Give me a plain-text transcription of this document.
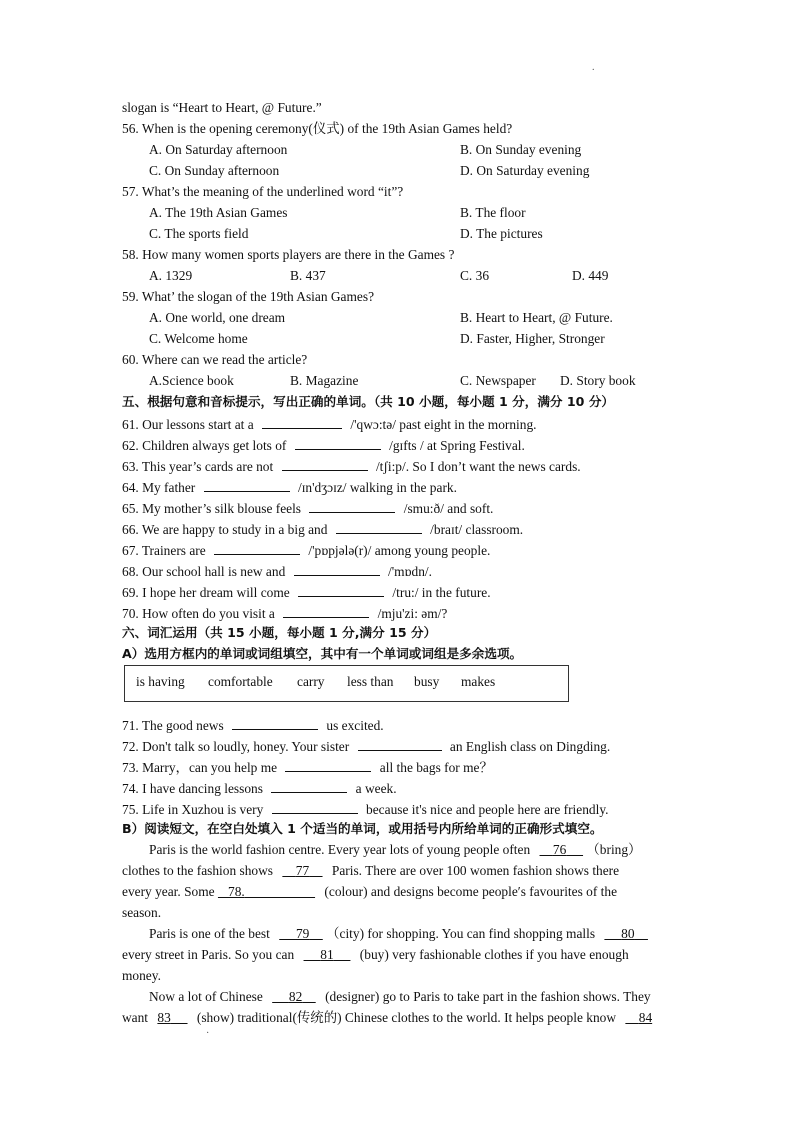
.
slogan is “Heart to Heart, @ Future.”
56. When is the opening ceremony(仪式) of the 19th Asian Games held?
A. On Saturday afternoon	B. On Sunday evening
C. On Sunday afternoon	D. On Saturday evening
57. What’s the meaning of the underlined word “it”?
A. The 19th Asian Games	B. The floor
C. The sports field	D. The pictures
58. How many women sports players are there in the Games ?
A. 1329	B. 437	C. 36	D. 449
59. What’ the slogan of the 19th Asian Games?
A. One world, one dream	B. Heart to Heart, @ Future.
C. Welcome home	D. Faster, Higher, Stronger
60. Where can we read the article?
A.Science book	B. Magazine	C. Newspaper D. Story book
五、根据句意和音标提示，写出正确的单词。（共 10 小题，每小题 1 分，满分 10 分）
61. Our lessons start at a	/'qwɔ:tə/ past eight in the morning.
62. Children always get lots of	/gɪfts / at Spring Festival.
63. This year’s cards are not	/tʃi:p/. So I don’t want the news cards.
64. My father	/ɪn'dʒɔɪz/ walking in the park.
65. My mother’s silk blouse feels	/smu:ð/ and soft.
66. We are happy to study in a big and	/braɪt/ classroom.
67. Trainers are	/'pɒpjələ(r)/ among young people.
68. Our school hall is new and	/'mɒdn/.
69. I hope her dream will come	/tru:/ in the future.
70. How often do you visit a	/mju'zi: əm/?
六、词汇运用（共 15 小题，每小题 1 分,满分 15 分）
A）选用方框内的单词或词组填空，其中有一个单词或词组是多余选项。
is having comfortable carry less than busy makes
71. The good news	us excited.
72. Don't talk so loudly, honey. Your sister	an English class on Dingding.
73. Marry，can you help me	all the bags for me？
74. I have dancing lessons	a week.
75. Life in Xuzhou is very	because it's nice and people here are friendly.
B）阅读短文，在空白处填入 1 个适当的单词，或用括号内所给单词的正确形式填空。
Paris is the world fashion centre. Every year lots of young people often 76 （bring）
clothes to the fashion shows 77 Paris. There are over 100 women fashion shows there
every year. Some 78.	(colour) and designs become people′s favourites of the
season.
Paris is one of the best 79 （city) for shopping. You can find shopping malls 80
every street in Paris. So you can 81 (buy) very fashionable clothes if you have enough
money.
Now a lot of Chinese 82 (designer) go to Paris to take part in the fashion shows. They
want 83 (show) traditional(传统的) Chinese clothes to the world. It helps people know 84
·
